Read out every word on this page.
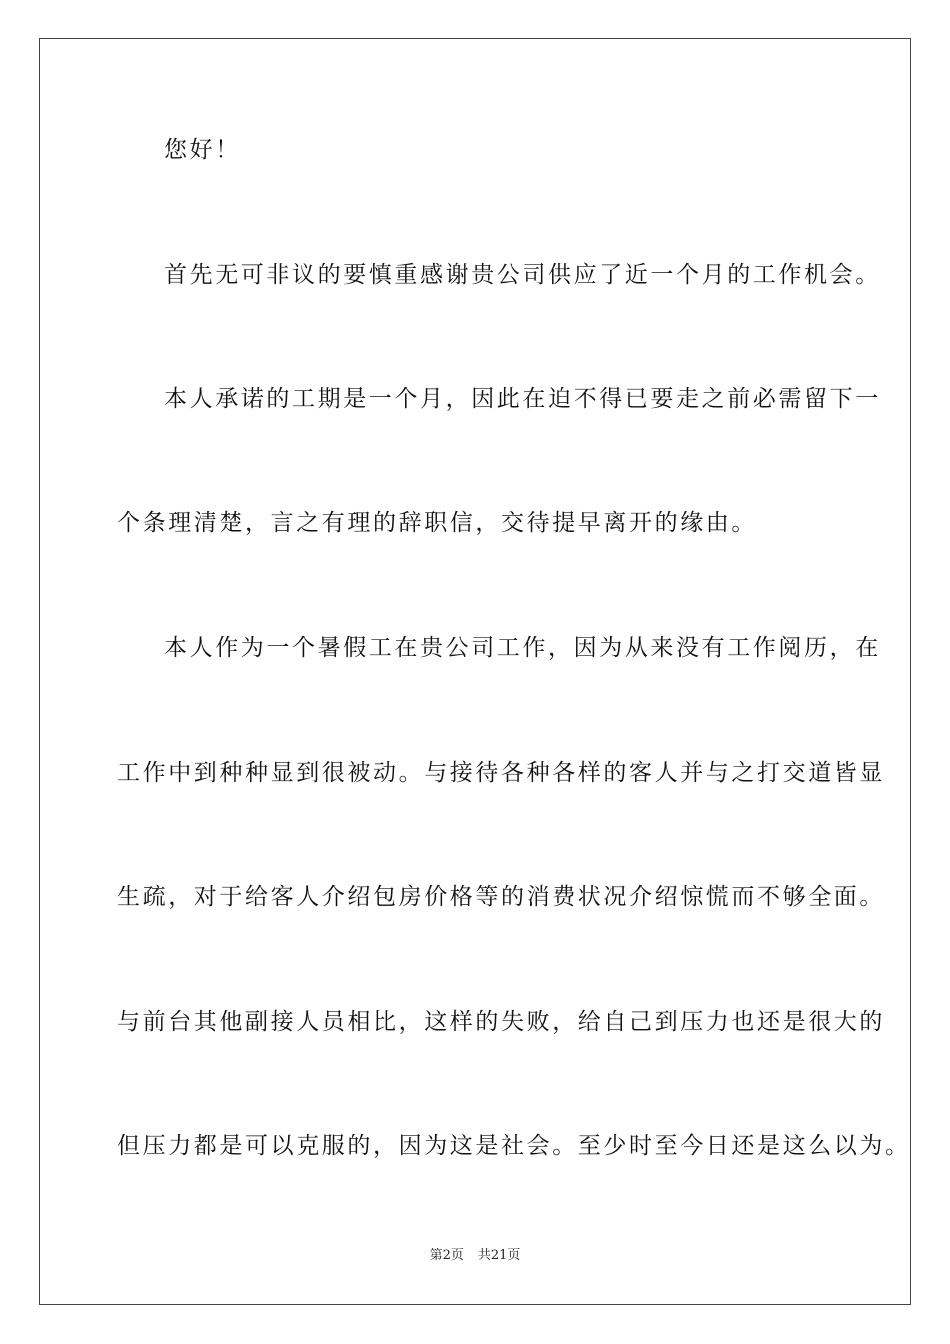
您好！
首先无可非议的要慎重感谢贵公司供应了近一个月的工作机会。
本人承诺的工期是一个月，因此在迫不得已要走之前必需留下一
个条理清楚，言之有理的辞职信，交待提早离开的缘由。
本人作为一个暑假工在贵公司工作，因为从来没有工作阅历，在
工作中到种种显到很被动。与接待各种各样的客人并与之打交道皆显
生疏，对于给客人介绍包房价格等的消费状况介绍惊慌而不够全面。
与前台其他副接人员相比，这样的失败，给自己到压力也还是很大的
但压力都是可以克服的，因为这是社会。至少时至今日还是这么以为。
第2页 共21页
